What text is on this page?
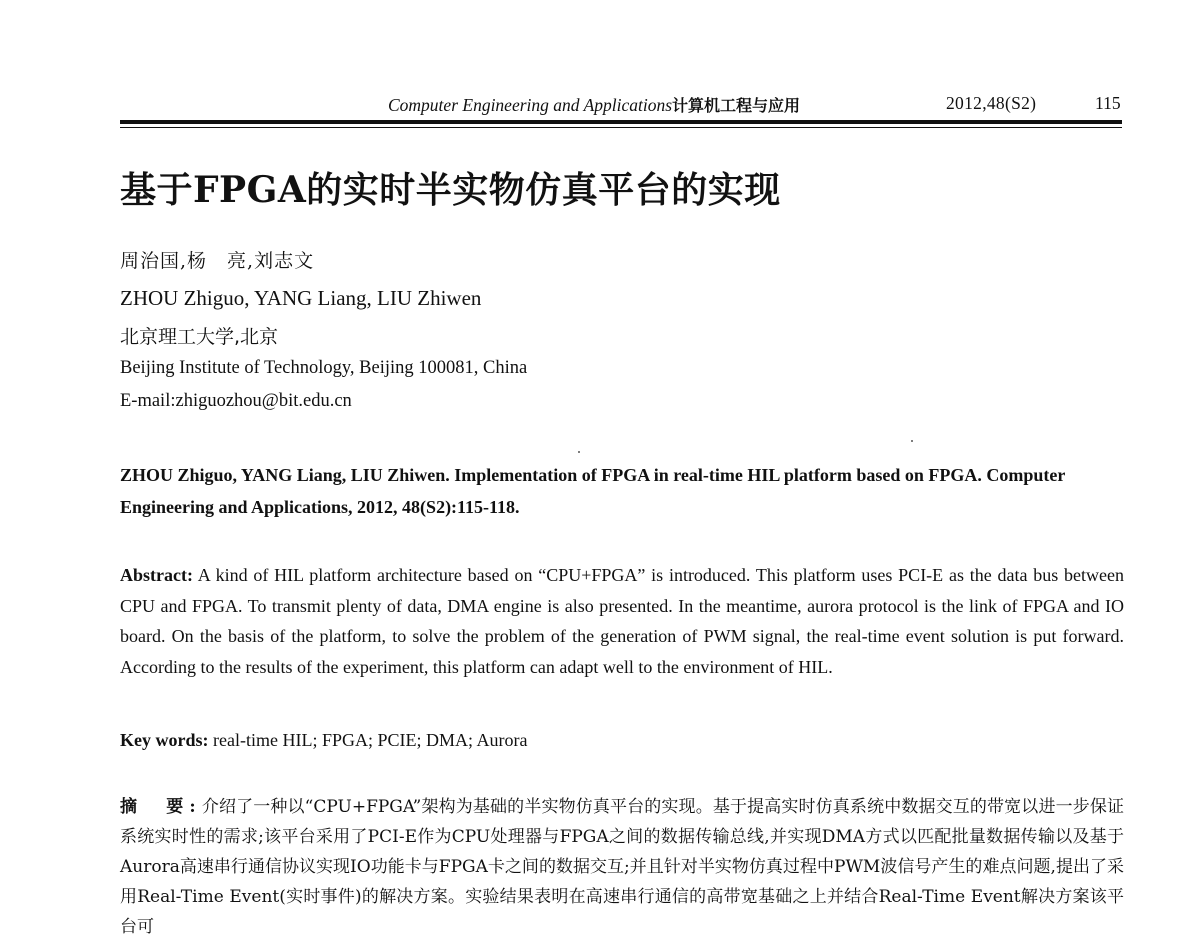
Computer Engineering and Applications计算机工程与应用	2012,48(S2)	115
基于FPGA的实时半实物仿真平台的实现
周治国,杨　亮,刘志文
ZHOU Zhiguo, YANG Liang, LIU Zhiwen
北京理工大学,北京
Beijing Institute of Technology, Beijing 100081, China
E-mail:zhiguozhou@bit.edu.cn
ZHOU Zhiguo, YANG Liang, LIU Zhiwen. Implementation of FPGA in real-time HIL platform based on FPGA. Computer Engineering and Applications, 2012, 48(S2):115-118.
Abstract: A kind of HIL platform architecture based on “CPU+FPGA” is introduced. This platform uses PCI-E as the data bus between CPU and FPGA. To transmit plenty of data, DMA engine is also presented. In the meantime, aurora protocol is the link of FPGA and IO board. On the basis of the platform, to solve the problem of the generation of PWM signal, the real-time event solution is put forward. According to the results of the experiment, this platform can adapt well to the environment of HIL.
Key words: real-time HIL; FPGA; PCIE; DMA; Aurora
摘　要:介绍了一种以“CPU+FPGA”架构为基础的半实物仿真平台的实现。基于提高实时仿真系统中数据交互的带宽以进一步保证系统实时性的需求;该平台采用了PCI-E作为CPU处理器与FPGA之间的数据传输总线,并实现DMA方式以匹配批量数据传输以及基于Aurora高速串行通信协议实现IO功能卡与FPGA卡之间的数据交互;并且针对半实物仿真过程中PWM波信号产生的难点问题,提出了采用Real-Time Event(实时事件)的解决方案。实验结果表明在高速串行通信的高带宽基础之上并结合Real-Time Event解决方案该平台可
